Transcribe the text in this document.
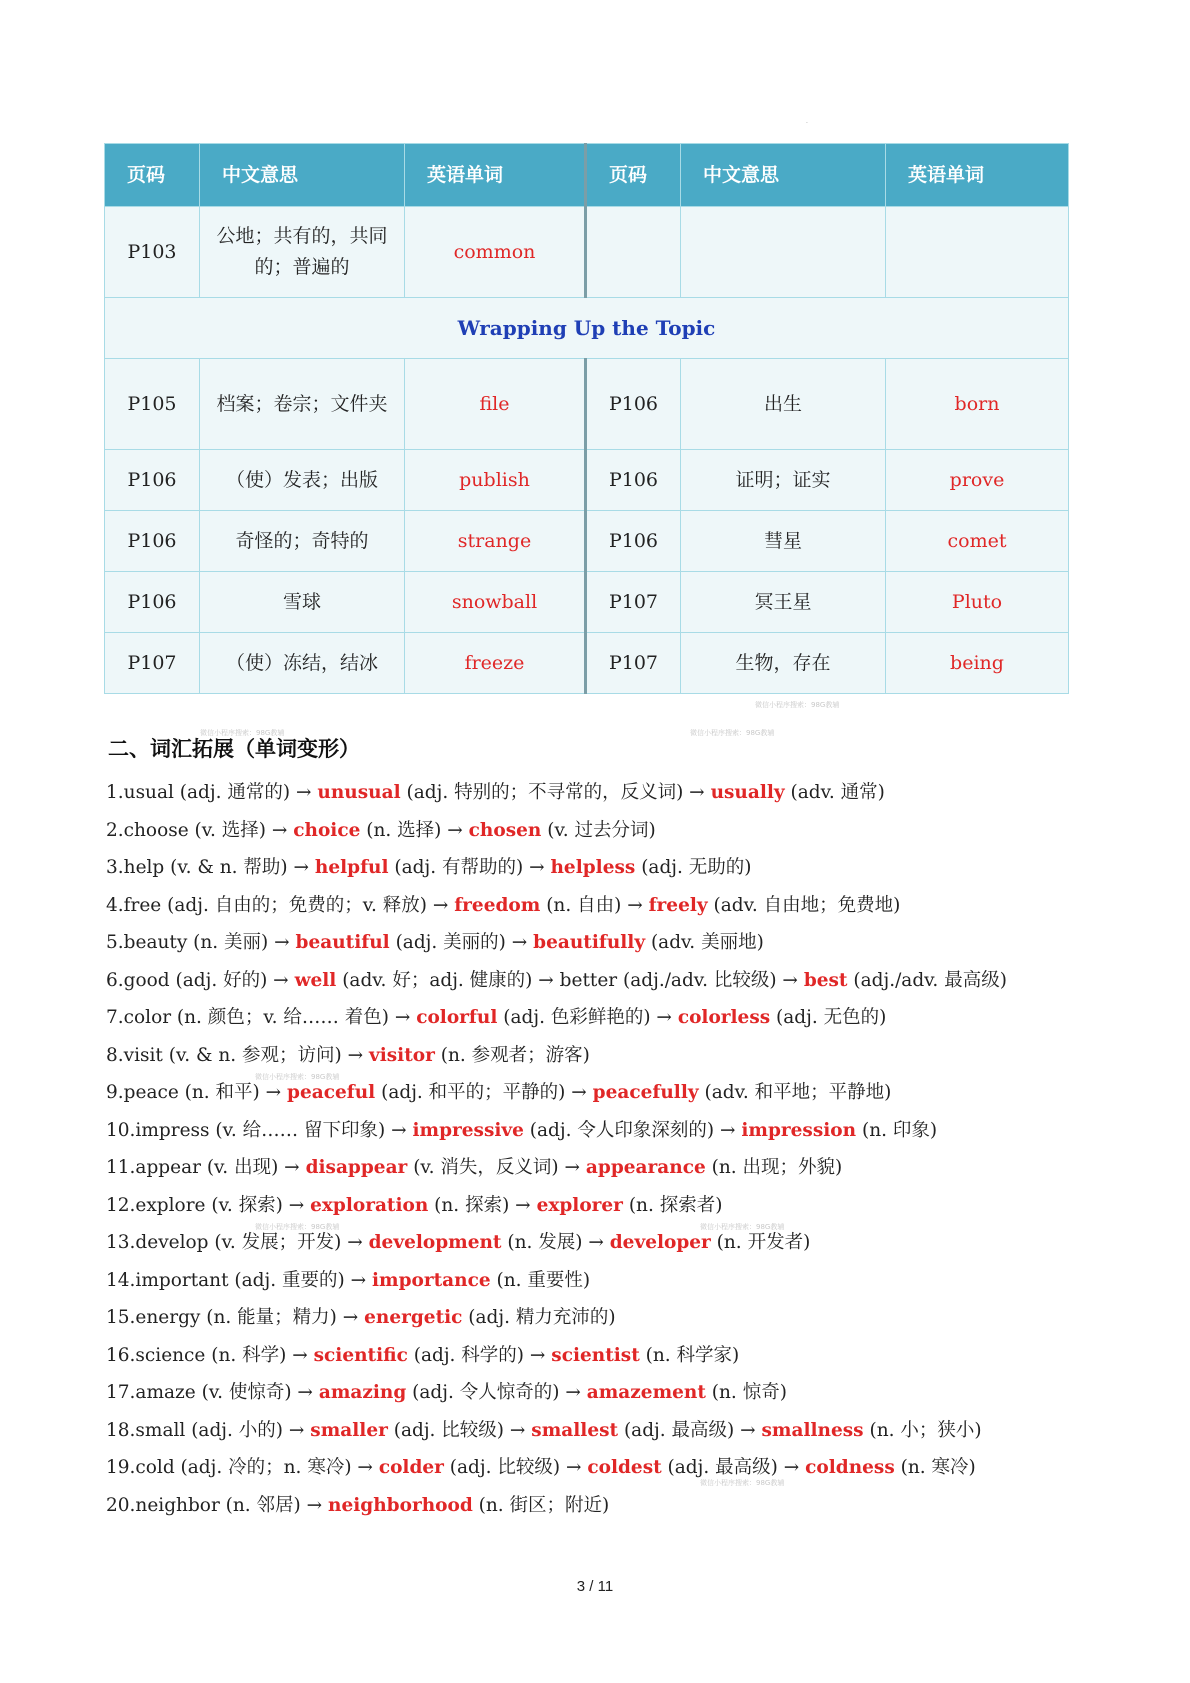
·
页码	中文意思	英语单词	页码	中文意思	英语单词
P103	公地；共有的，共同的；普遍的	common			
Wrapping Up the Topic					
P105	档案；卷宗；文件夹	file	P106	出生	born
P106	（使）发表；出版	publish	P106	证明；证实	prove
P106	奇怪的；奇特的	strange	P106	彗星	comet
P106	雪球	snowball	P107	冥王星	Pluto
P107	（使）冻结，结冰	freeze	P107	生物，存在	being
微信小程序搜索：98G教辅
微信小程序搜索：98G教辅	微信小程序搜索：98G教辅
微信小程序搜索：98G教辅
微信小程序搜索：98G教辅	微信小程序搜索：98G教辅
微信小程序搜索：98G教辅
二、词汇拓展（单词变形）
1.usual (adj. 通常的) → unusual (adj. 特别的；不寻常的，反义词) → usually (adv. 通常)
2.choose (v. 选择) → choice (n. 选择) → chosen (v. 过去分词)
3.help (v. & n. 帮助) → helpful (adj. 有帮助的) → helpless (adj. 无助的)
4.free (adj. 自由的；免费的；v. 释放) → freedom (n. 自由) → freely (adv. 自由地；免费地)
5.beauty (n. 美丽) → beautiful (adj. 美丽的) → beautifully (adv. 美丽地)
6.good (adj. 好的) → well (adv. 好；adj. 健康的) → better (adj./adv. 比较级) → best (adj./adv. 最高级)
7.color (n. 颜色；v. 给…… 着色) → colorful (adj. 色彩鲜艳的) → colorless (adj. 无色的)
8.visit (v. & n. 参观；访问) → visitor (n. 参观者；游客)
9.peace (n. 和平) → peaceful (adj. 和平的；平静的) → peacefully (adv. 和平地；平静地)
10.impress (v. 给…… 留下印象) → impressive (adj. 令人印象深刻的) → impression (n. 印象)
11.appear (v. 出现) → disappear (v. 消失，反义词) → appearance (n. 出现；外貌)
12.explore (v. 探索) → exploration (n. 探索) → explorer (n. 探索者)
13.develop (v. 发展；开发) → development (n. 发展) → developer (n. 开发者)
14.important (adj. 重要的) → importance (n. 重要性)
15.energy (n. 能量；精力) → energetic (adj. 精力充沛的)
16.science (n. 科学) → scientific (adj. 科学的) → scientist (n. 科学家)
17.amaze (v. 使惊奇) → amazing (adj. 令人惊奇的) → amazement (n. 惊奇)
18.small (adj. 小的) → smaller (adj. 比较级) → smallest (adj. 最高级) → smallness (n. 小；狭小)
19.cold (adj. 冷的；n. 寒冷) → colder (adj. 比较级) → coldest (adj. 最高级) → coldness (n. 寒冷)
20.neighbor (n. 邻居) → neighborhood (n. 街区；附近)
3 / 11
